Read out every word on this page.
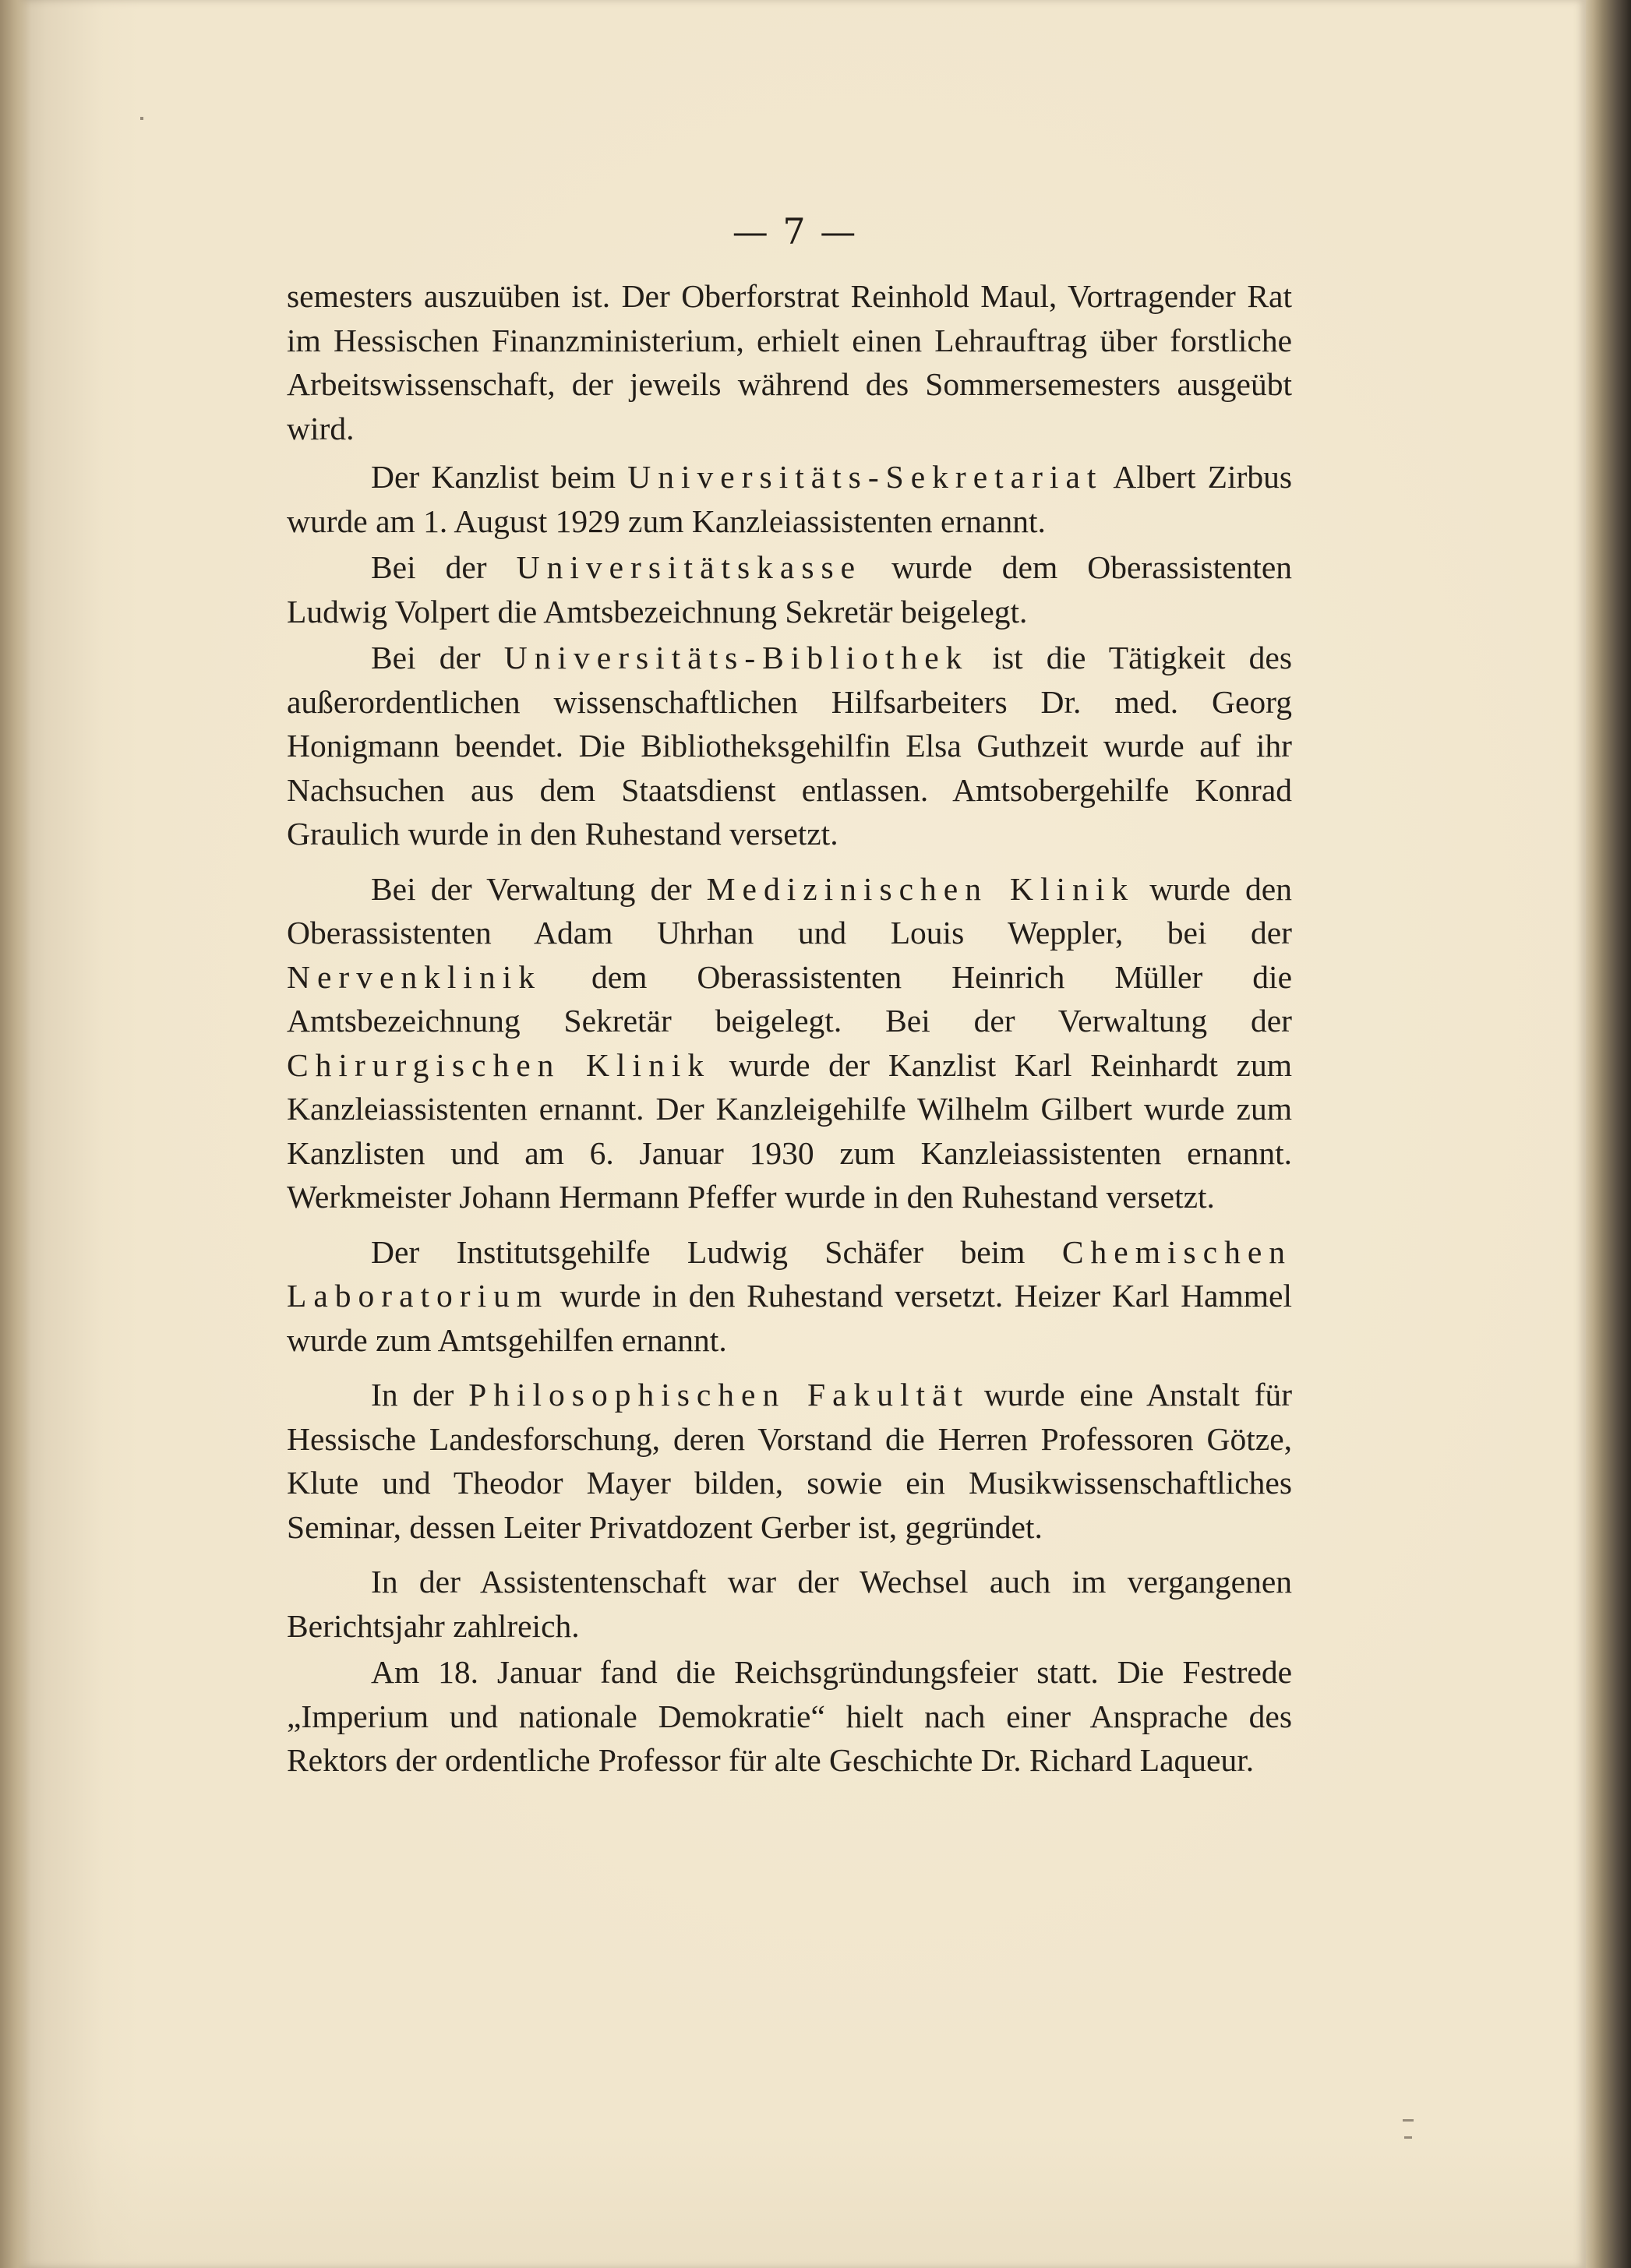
— 7 —

semesters auszuüben ist. Der Oberforstrat Reinhold Maul, Vortragender Rat im Hessischen Finanzministerium, erhielt einen Lehrauftrag über forstliche Arbeitswissenschaft, der jeweils während des Sommersemesters ausgeübt wird.

Der Kanzlist beim Universitäts-Sekretariat Albert Zirbus wurde am 1. August 1929 zum Kanzleiassistenten ernannt.

Bei der Universitätskasse wurde dem Oberassistenten Ludwig Volpert die Amtsbezeichnung Sekretär beigelegt.

Bei der Universitäts-Bibliothek ist die Tätigkeit des außerordentlichen wissenschaftlichen Hilfsarbeiters Dr. med. Georg Honigmann beendet. Die Bibliotheksgehilfin Elsa Guthzeit wurde auf ihr Nachsuchen aus dem Staatsdienst entlassen. Amtsobergehilfe Konrad Graulich wurde in den Ruhestand versetzt.

Bei der Verwaltung der Medizinischen Klinik wurde den Oberassistenten Adam Uhrhan und Louis Weppler, bei der Nervenklinik dem Oberassistenten Heinrich Müller die Amtsbezeichnung Sekretär beigelegt. Bei der Verwaltung der Chirurgischen Klinik wurde der Kanzlist Karl Reinhardt zum Kanzleiassistenten ernannt. Der Kanzleigehilfe Wilhelm Gilbert wurde zum Kanzlisten und am 6. Januar 1930 zum Kanzleiassistenten ernannt. Werkmeister Johann Hermann Pfeffer wurde in den Ruhestand versetzt.

Der Institutsgehilfe Ludwig Schäfer beim Chemischen Laboratorium wurde in den Ruhestand versetzt. Heizer Karl Hammel wurde zum Amtsgehilfen ernannt.

In der Philosophischen Fakultät wurde eine Anstalt für Hessische Landesforschung, deren Vorstand die Herren Professoren Götze, Klute und Theodor Mayer bilden, sowie ein Musikwissenschaftliches Seminar, dessen Leiter Privatdozent Gerber ist, gegründet.

In der Assistentenschaft war der Wechsel auch im vergangenen Berichtsjahr zahlreich.

Am 18. Januar fand die Reichsgründungsfeier statt. Die Festrede „Imperium und nationale Demokratie“ hielt nach einer Ansprache des Rektors der ordentliche Professor für alte Geschichte Dr. Richard Laqueur.
